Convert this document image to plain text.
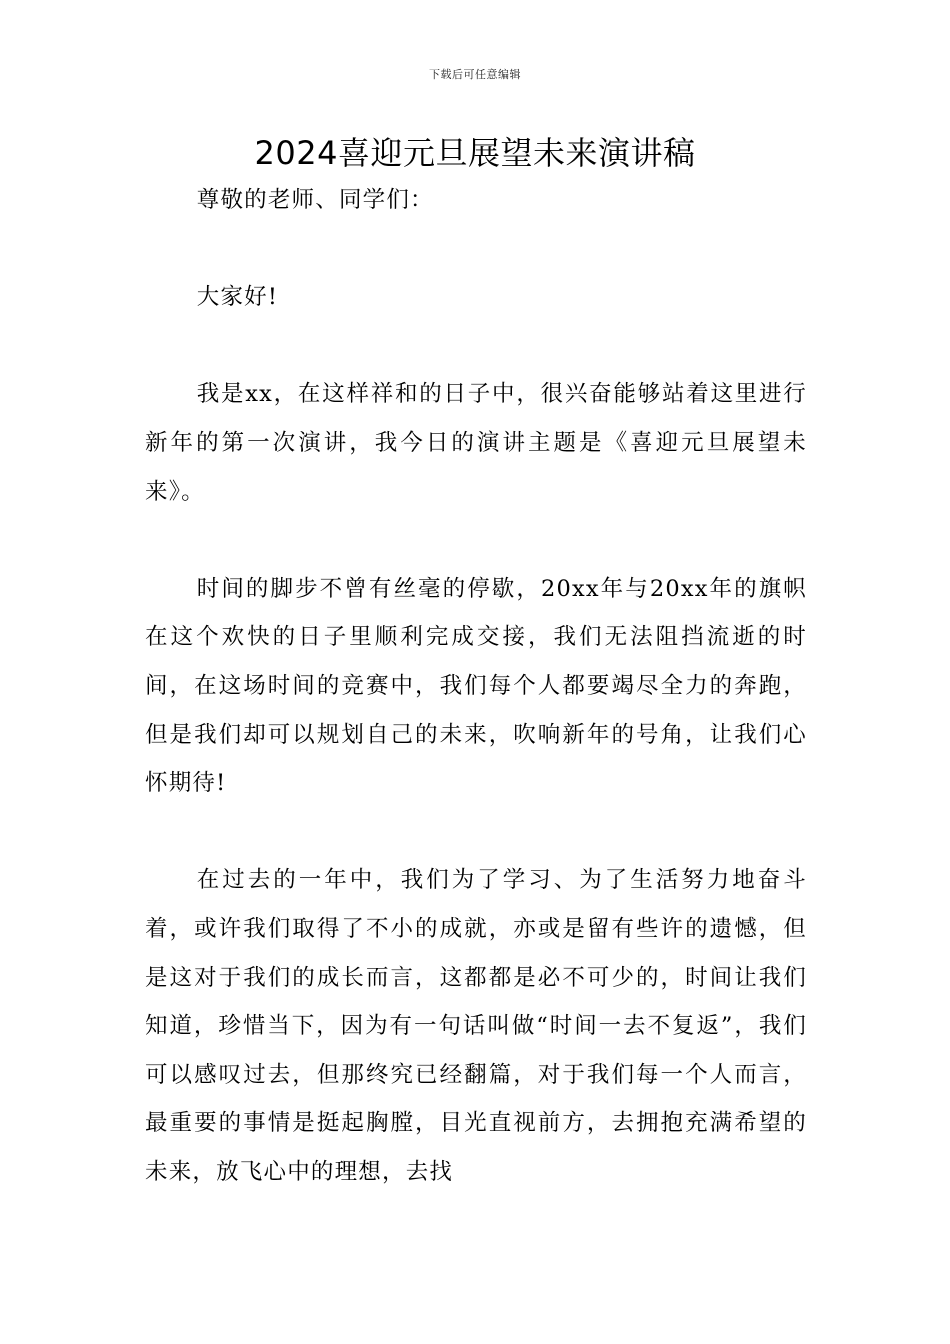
下载后可任意编辑
2024喜迎元旦展望未来演讲稿

尊敬的老师、同学们：

大家好!

我是xx，在这样祥和的日子中，很兴奋能够站着这里进行新年的第一次演讲，我今日的演讲主题是《喜迎元旦展望未来》。

时间的脚步不曾有丝毫的停歇，20xx年与20xx年的旗帜在这个欢快的日子里顺利完成交接，我们无法阻挡流逝的时间，在这场时间的竞赛中，我们每个人都要竭尽全力的奔跑，但是我们却可以规划自己的未来，吹响新年的号角，让我们心怀期待!

在过去的一年中，我们为了学习、为了生活努力地奋斗着，或许我们取得了不小的成就，亦或是留有些许的遗憾，但是这对于我们的成长而言，这都都是必不可少的，时间让我们知道，珍惜当下，因为有一句话叫做“时间一去不复返”，我们可以感叹过去，但那终究已经翻篇，对于我们每一个人而言，最重要的事情是挺起胸膛，目光直视前方，去拥抱充满希望的未来，放飞心中的理想，去找
